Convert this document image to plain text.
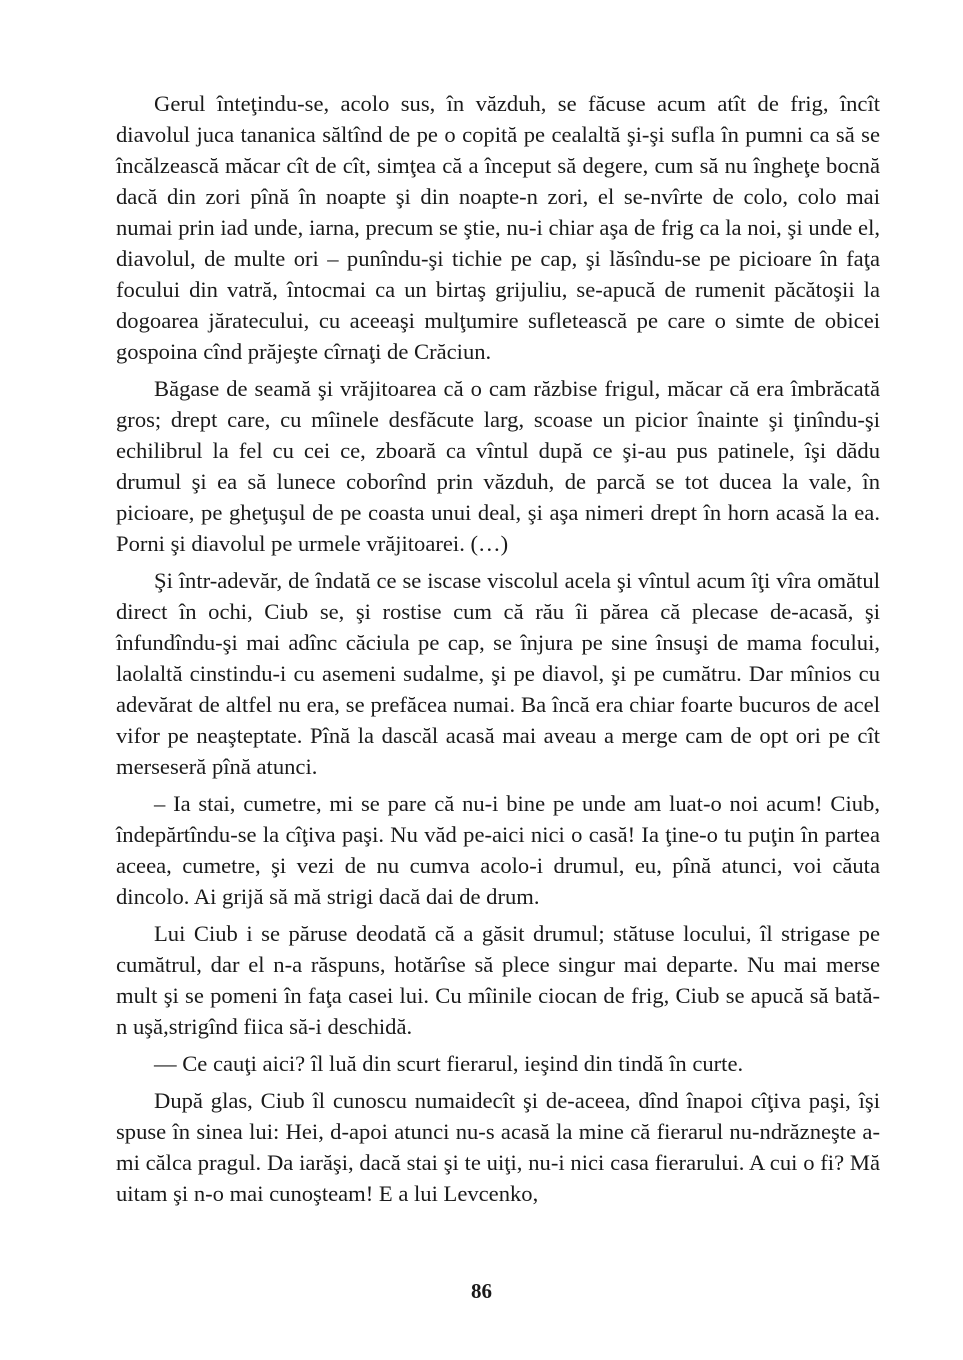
Gerul înteţindu-se, acolo sus, în văzduh, se făcuse acum atît de frig, încît diavolul juca tananica săltînd de pe o copită pe cealaltă şi-şi sufla în pumni ca să se încălzească măcar cît de cît, simţea că a început să degere, cum să nu îngheţe bocnă dacă din zori pînă în noapte şi din noapte-n zori, el se-nvîrte de colo, colo mai numai prin iad unde, iarna, precum se ştie, nu-i chiar aşa de frig ca la noi, şi unde el, diavolul, de multe ori – punîndu-şi tichie pe cap, şi lăsîndu-se pe picioare în faţa focului din vatră, întocmai ca un birtaş grijuliu, se-apucă de rumenit păcătoşii la dogoarea jăratecului, cu aceeaşi mulţumire sufletească pe care o simte de obicei gospoina cînd prăjeşte cîrnaţi de Crăciun.

Băgase de seamă şi vrăjitoarea că o cam răzbise frigul, măcar că era îmbrăcată gros; drept care, cu mîinele desfăcute larg, scoase un picior înainte şi ţinîndu-şi echilibrul la fel cu cei ce, zboară ca vîntul după ce şi-au pus patinele, îşi dădu drumul şi ea să lunece coborînd prin văzduh, de parcă se tot ducea la vale, în picioare, pe gheţuşul de pe coasta unui deal, şi aşa nimeri drept în horn acasă la ea. Porni şi diavolul pe urmele vrăjitoarei. (…)

Şi într-adevăr, de îndată ce se iscase viscolul acela şi vîntul acum îţi vîra omătul direct în ochi, Ciub se, şi rostise cum că rău îi părea că plecase de-acasă, şi înfundîndu-şi mai adînc căciula pe cap, se înjura pe sine însuşi de mama focului, laolaltă cinstindu-i cu asemeni sudalme, şi pe diavol, şi pe cumătru. Dar mînios cu adevărat de altfel nu era, se prefăcea numai. Ba încă era chiar foarte bucuros de acel vifor pe neaşteptate. Pînă la dascăl acasă mai aveau a merge cam de opt ori pe cît merseseră pînă atunci.

– Ia stai, cumetre, mi se pare că nu-i bine pe unde am luat-o noi acum! Ciub, îndepărtîndu-se la cîţiva paşi. Nu văd pe-aici nici o casă! Ia ţine-o tu puţin în partea aceea, cumetre, şi vezi de nu cumva acolo-i drumul, eu, pînă atunci, voi căuta dincolo. Ai grijă să mă strigi dacă dai de drum.

Lui Ciub i se păruse deodată că a găsit drumul; stătuse locului, îl strigase pe cumătrul, dar el n-a răspuns, hotărîse să plece singur mai departe. Nu mai merse mult şi se pomeni în faţa casei lui. Cu mîinile ciocan de frig, Ciub se apucă să bată-n uşă,strigînd fiica să-i deschidă.

— Ce cauţi aici? îl luă din scurt fierarul, ieşind din tindă în curte.

După glas, Ciub îl cunoscu numaidecît şi de-aceea, dînd înapoi cîţiva paşi, îşi spuse în sinea lui: Hei, d-apoi atunci nu-s acasă la mine că fierarul nu-ndrăzneşte a-mi călca pragul. Da iarăşi, dacă stai şi te uiţi, nu-i nici casa fierarului. A cui o fi? Mă uitam şi n-o mai cunoşteam! E a lui Levcenko,

86
